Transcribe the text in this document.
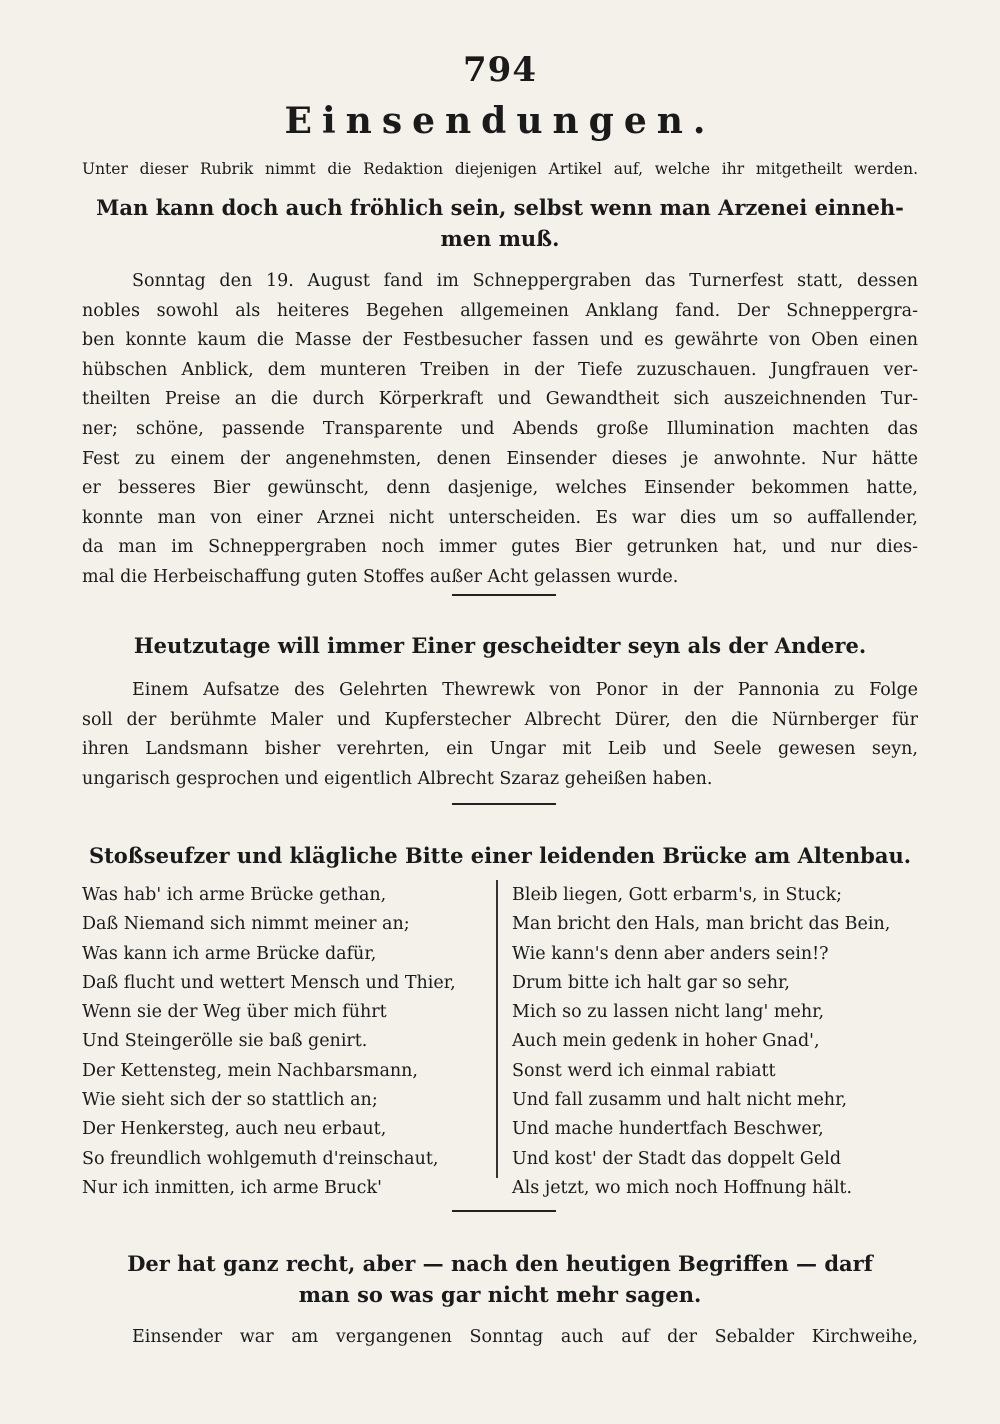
794
Einsendungen.
Unter dieser Rubrik nimmt die Redaktion diejenigen Artikel auf, welche ihr mitgetheilt werden.
Man kann doch auch fröhlich sein, selbst wenn man Arzenei einneh-
men muß.
Sonntag den 19. August fand im Schneppergraben das Turnerfest statt, dessen
nobles sowohl als heiteres Begehen allgemeinen Anklang fand. Der Schneppergra-
ben konnte kaum die Masse der Festbesucher fassen und es gewährte von Oben einen
hübschen Anblick, dem munteren Treiben in der Tiefe zuzuschauen. Jungfrauen ver-
theilten Preise an die durch Körperkraft und Gewandtheit sich auszeichnenden Tur-
ner; schöne, passende Transparente und Abends große Illumination machten das
Fest zu einem der angenehmsten, denen Einsender dieses je anwohnte. Nur hätte
er besseres Bier gewünscht, denn dasjenige, welches Einsender bekommen hatte,
konnte man von einer Arznei nicht unterscheiden. Es war dies um so auffallender,
da man im Schneppergraben noch immer gutes Bier getrunken hat, und nur dies-
mal die Herbeischaffung guten Stoffes außer Acht gelassen wurde.
Heutzutage will immer Einer gescheidter seyn als der Andere.
Einem Aufsatze des Gelehrten Thewrewk von Ponor in der Pannonia zu Folge
soll der berühmte Maler und Kupferstecher Albrecht Dürer, den die Nürnberger für
ihren Landsmann bisher verehrten, ein Ungar mit Leib und Seele gewesen seyn,
ungarisch gesprochen und eigentlich Albrecht Szaraz geheißen haben.
Stoßseufzer und klägliche Bitte einer leidenden Brücke am Altenbau.
Was hab' ich arme Brücke gethan,
Daß Niemand sich nimmt meiner an;
Was kann ich arme Brücke dafür,
Daß flucht und wettert Mensch und Thier,
Wenn sie der Weg über mich führt
Und Steingerölle sie baß genirt.
Der Kettensteg, mein Nachbarsmann,
Wie sieht sich der so stattlich an;
Der Henkersteg, auch neu erbaut,
So freundlich wohlgemuth d'reinschaut,
Nur ich inmitten, ich arme Bruck'
Bleib liegen, Gott erbarm's, in Stuck;
Man bricht den Hals, man bricht das Bein,
Wie kann's denn aber anders sein!?
Drum bitte ich halt gar so sehr,
Mich so zu lassen nicht lang' mehr,
Auch mein gedenk in hoher Gnad',
Sonst werd ich einmal rabiatt
Und fall zusamm und halt nicht mehr,
Und mache hundertfach Beschwer,
Und kost' der Stadt das doppelt Geld
Als jetzt, wo mich noch Hoffnung hält.
Der hat ganz recht, aber — nach den heutigen Begriffen — darf
man so was gar nicht mehr sagen.
Einsender war am vergangenen Sonntag auch auf der Sebalder Kirchweihe,
